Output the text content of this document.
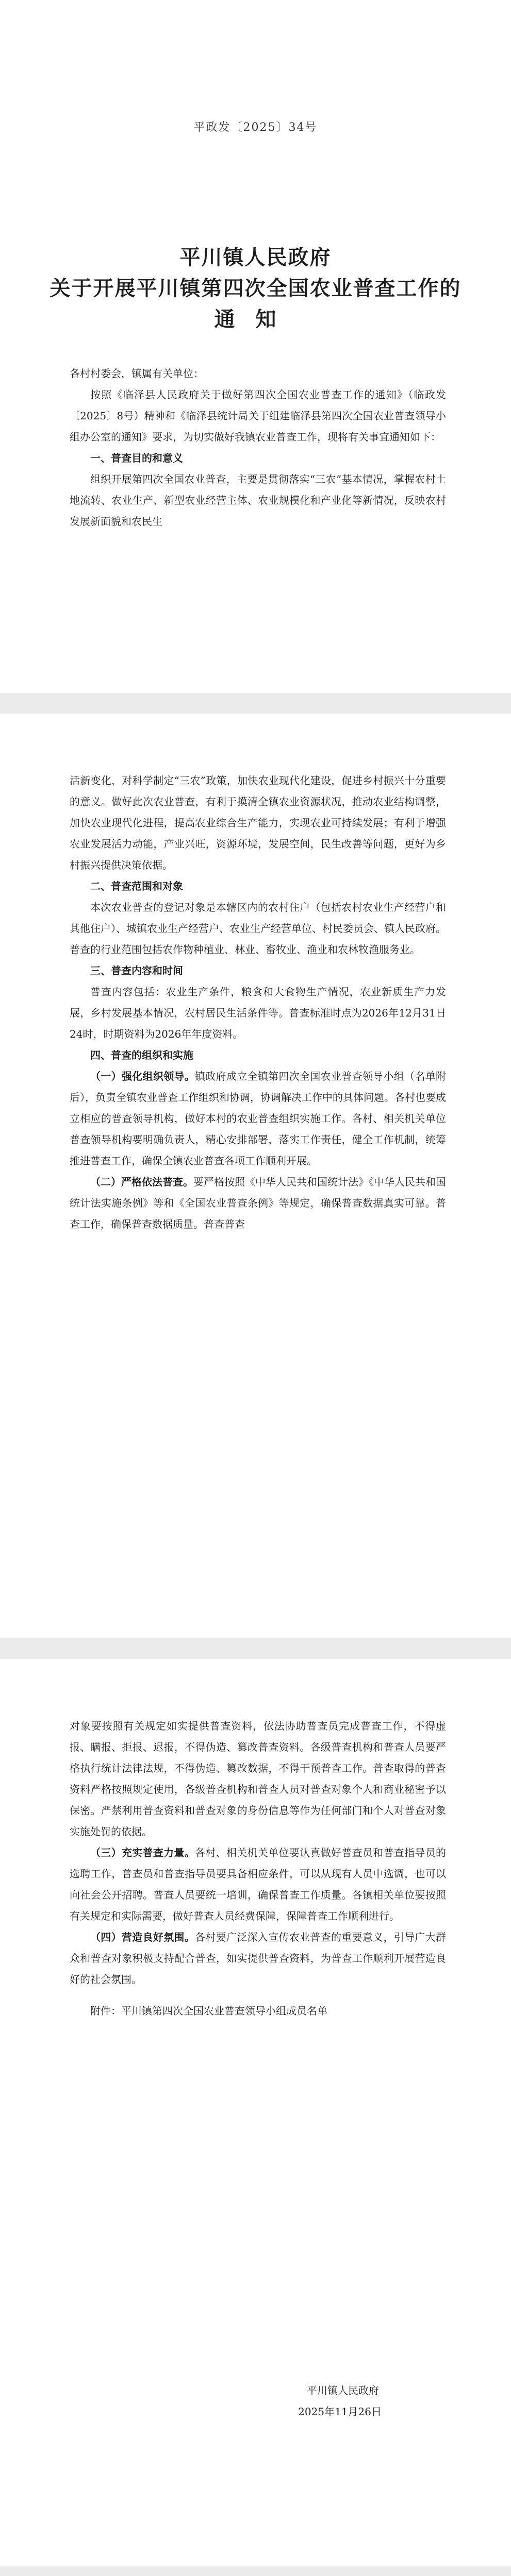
平政发〔2025〕34号
平川镇人民政府
关于开展平川镇第四次全国农业普查工作的
通知

各村村委会，镇属有关单位：

按照《临泽县人民政府关于做好第四次全国农业普查工作的通知》（临政发〔2025〕8号）精神和《临泽县统计局关于组建临泽县第四次全国农业普查领导小组办公室的通知》要求，为切实做好我镇农业普查工作，现将有关事宜通知如下：

一、普查目的和意义

组织开展第四次全国农业普查，主要是贯彻落实“三农”基本情况，掌握农村土地流转、农业生产、新型农业经营主体、农业规模化和产业化等新情况，反映农村发展新面貌和农民生

活新变化，对科学制定“三农”政策，加快农业现代化建设，促进乡村振兴十分重要的意义。做好此次农业普查，有利于摸清全镇农业资源状况，推动农业结构调整，加快农业现代化进程，提高农业综合生产能力，实现农业可持续发展；有利于增强农业发展活力动能，产业兴旺，资源环境，发展空间，民生改善等问题，更好为乡村振兴提供决策依据。

二、普查范围和对象

本次农业普查的登记对象是本辖区内的农村住户（包括农村农业生产经营户和其他住户）、城镇农业生产经营户、农业生产经营单位、村民委员会、镇人民政府。普查的行业范围包括农作物种植业、林业、畜牧业、渔业和农林牧渔服务业。

三、普查内容和时间

普查内容包括：农业生产条件，粮食和大食物生产情况，农业新质生产力发展，乡村发展基本情况，农村居民生活条件等。普查标准时点为2026年12月31日24时，时期资料为2026年年度资料。

四、普查的组织和实施

（一）强化组织领导。镇政府成立全镇第四次全国农业普查领导小组（名单附后），负责全镇农业普查工作组织和协调，协调解决工作中的具体问题。各村也要成立相应的普查领导机构，做好本村的农业普查组织实施工作。各村、相关机关单位普查领导机构要明确负责人，精心安排部署，落实工作责任，健全工作机制，统筹推进普查工作，确保全镇农业普查各项工作顺利开展。

（二）严格依法普查。要严格按照《中华人民共和国统计法》《中华人民共和国统计法实施条例》等和《全国农业普查条例》等规定，确保普查数据真实可靠。普查工作，确保普查数据质量。普查普查

对象要按照有关规定如实提供普查资料，依法协助普查员完成普查工作，不得虚报、瞒报、拒报、迟报，不得伪造、篡改普查资料。各级普查机构和普查人员要严格执行统计法律法规，不得伪造、篡改数据，不得干预普查工作。普查取得的普查资料严格按照规定使用，各级普查机构和普查人员对普查对象个人和商业秘密予以保密。严禁利用普查资料和普查对象的身份信息等作为任何部门和个人对普查对象实施处罚的依据。

（三）充实普查力量。各村、相关机关单位要认真做好普查员和普查指导员的选聘工作，普查员和普查指导员要具备相应条件，可以从现有人员中选调，也可以向社会公开招聘。普查人员要统一培训，确保普查工作质量。各镇相关单位要按照有关规定和实际需要，做好普查人员经费保障，保障普查工作顺利进行。

（四）营造良好氛围。各村要广泛深入宣传农业普查的重要意义，引导广大群众和普查对象积极支持配合普查，如实提供普查资料，为普查工作顺利开展营造良好的社会氛围。

附件：平川镇第四次全国农业普查领导小组成员名单

平川镇人民政府

2025年11月26日
